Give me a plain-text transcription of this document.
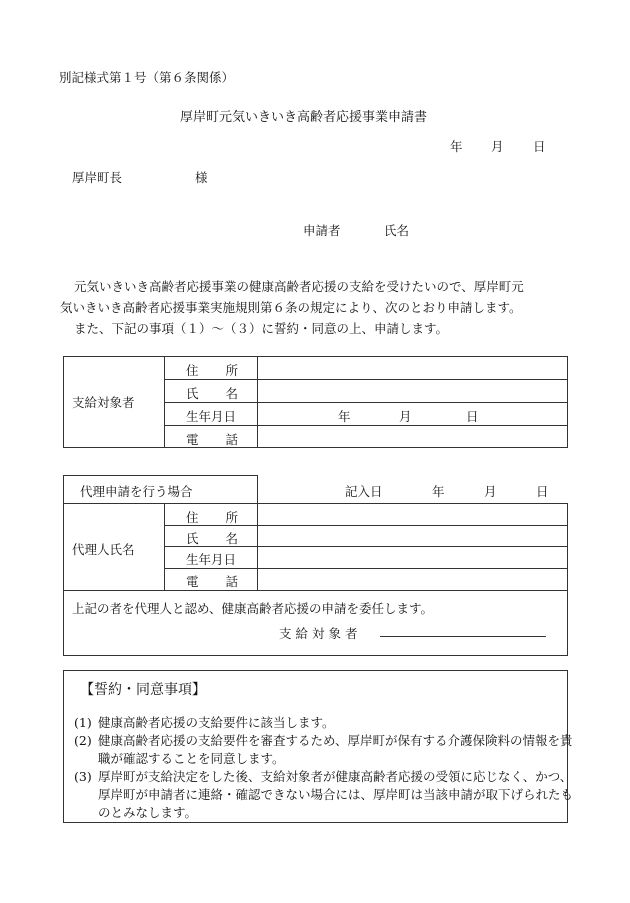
別記様式第１号（第６条関係）
厚岸町元気いきいき高齢者応援事業申請書
年 月 日
厚岸町長	様
申請者	氏名
元気いきいき高齢者応援事業の健康高齢者応援の支給を受けたいので、厚岸町元
気いきいき高齢者応援事業実施規則第６条の規定により、次のとおり申請します。
また、下記の事項（１）～（３）に誓約・同意の上、申請します。
支給対象者
住 所
氏 名
生年月日	年	月	日
電 話
代理申請を行う場合	記入日	年	月	日
代理人氏名
住 所
氏 名
生年月日
電 話
上記の者を代理人と認め、健康高齢者応援の申請を委任します。
支給対象者
【誓約・同意事項】
(1) 健康高齢者応援の支給要件に該当します。
(2) 健康高齢者応援の支給要件を審査するため、厚岸町が保有する介護保険料の情報を貴職が確認することを同意します。
(3) 厚岸町が支給決定をした後、支給対象者が健康高齢者応援の受領に応じなく、かつ、厚岸町が申請者に連絡・確認できない場合には、厚岸町は当該申請が取下げられたものとみなします。
